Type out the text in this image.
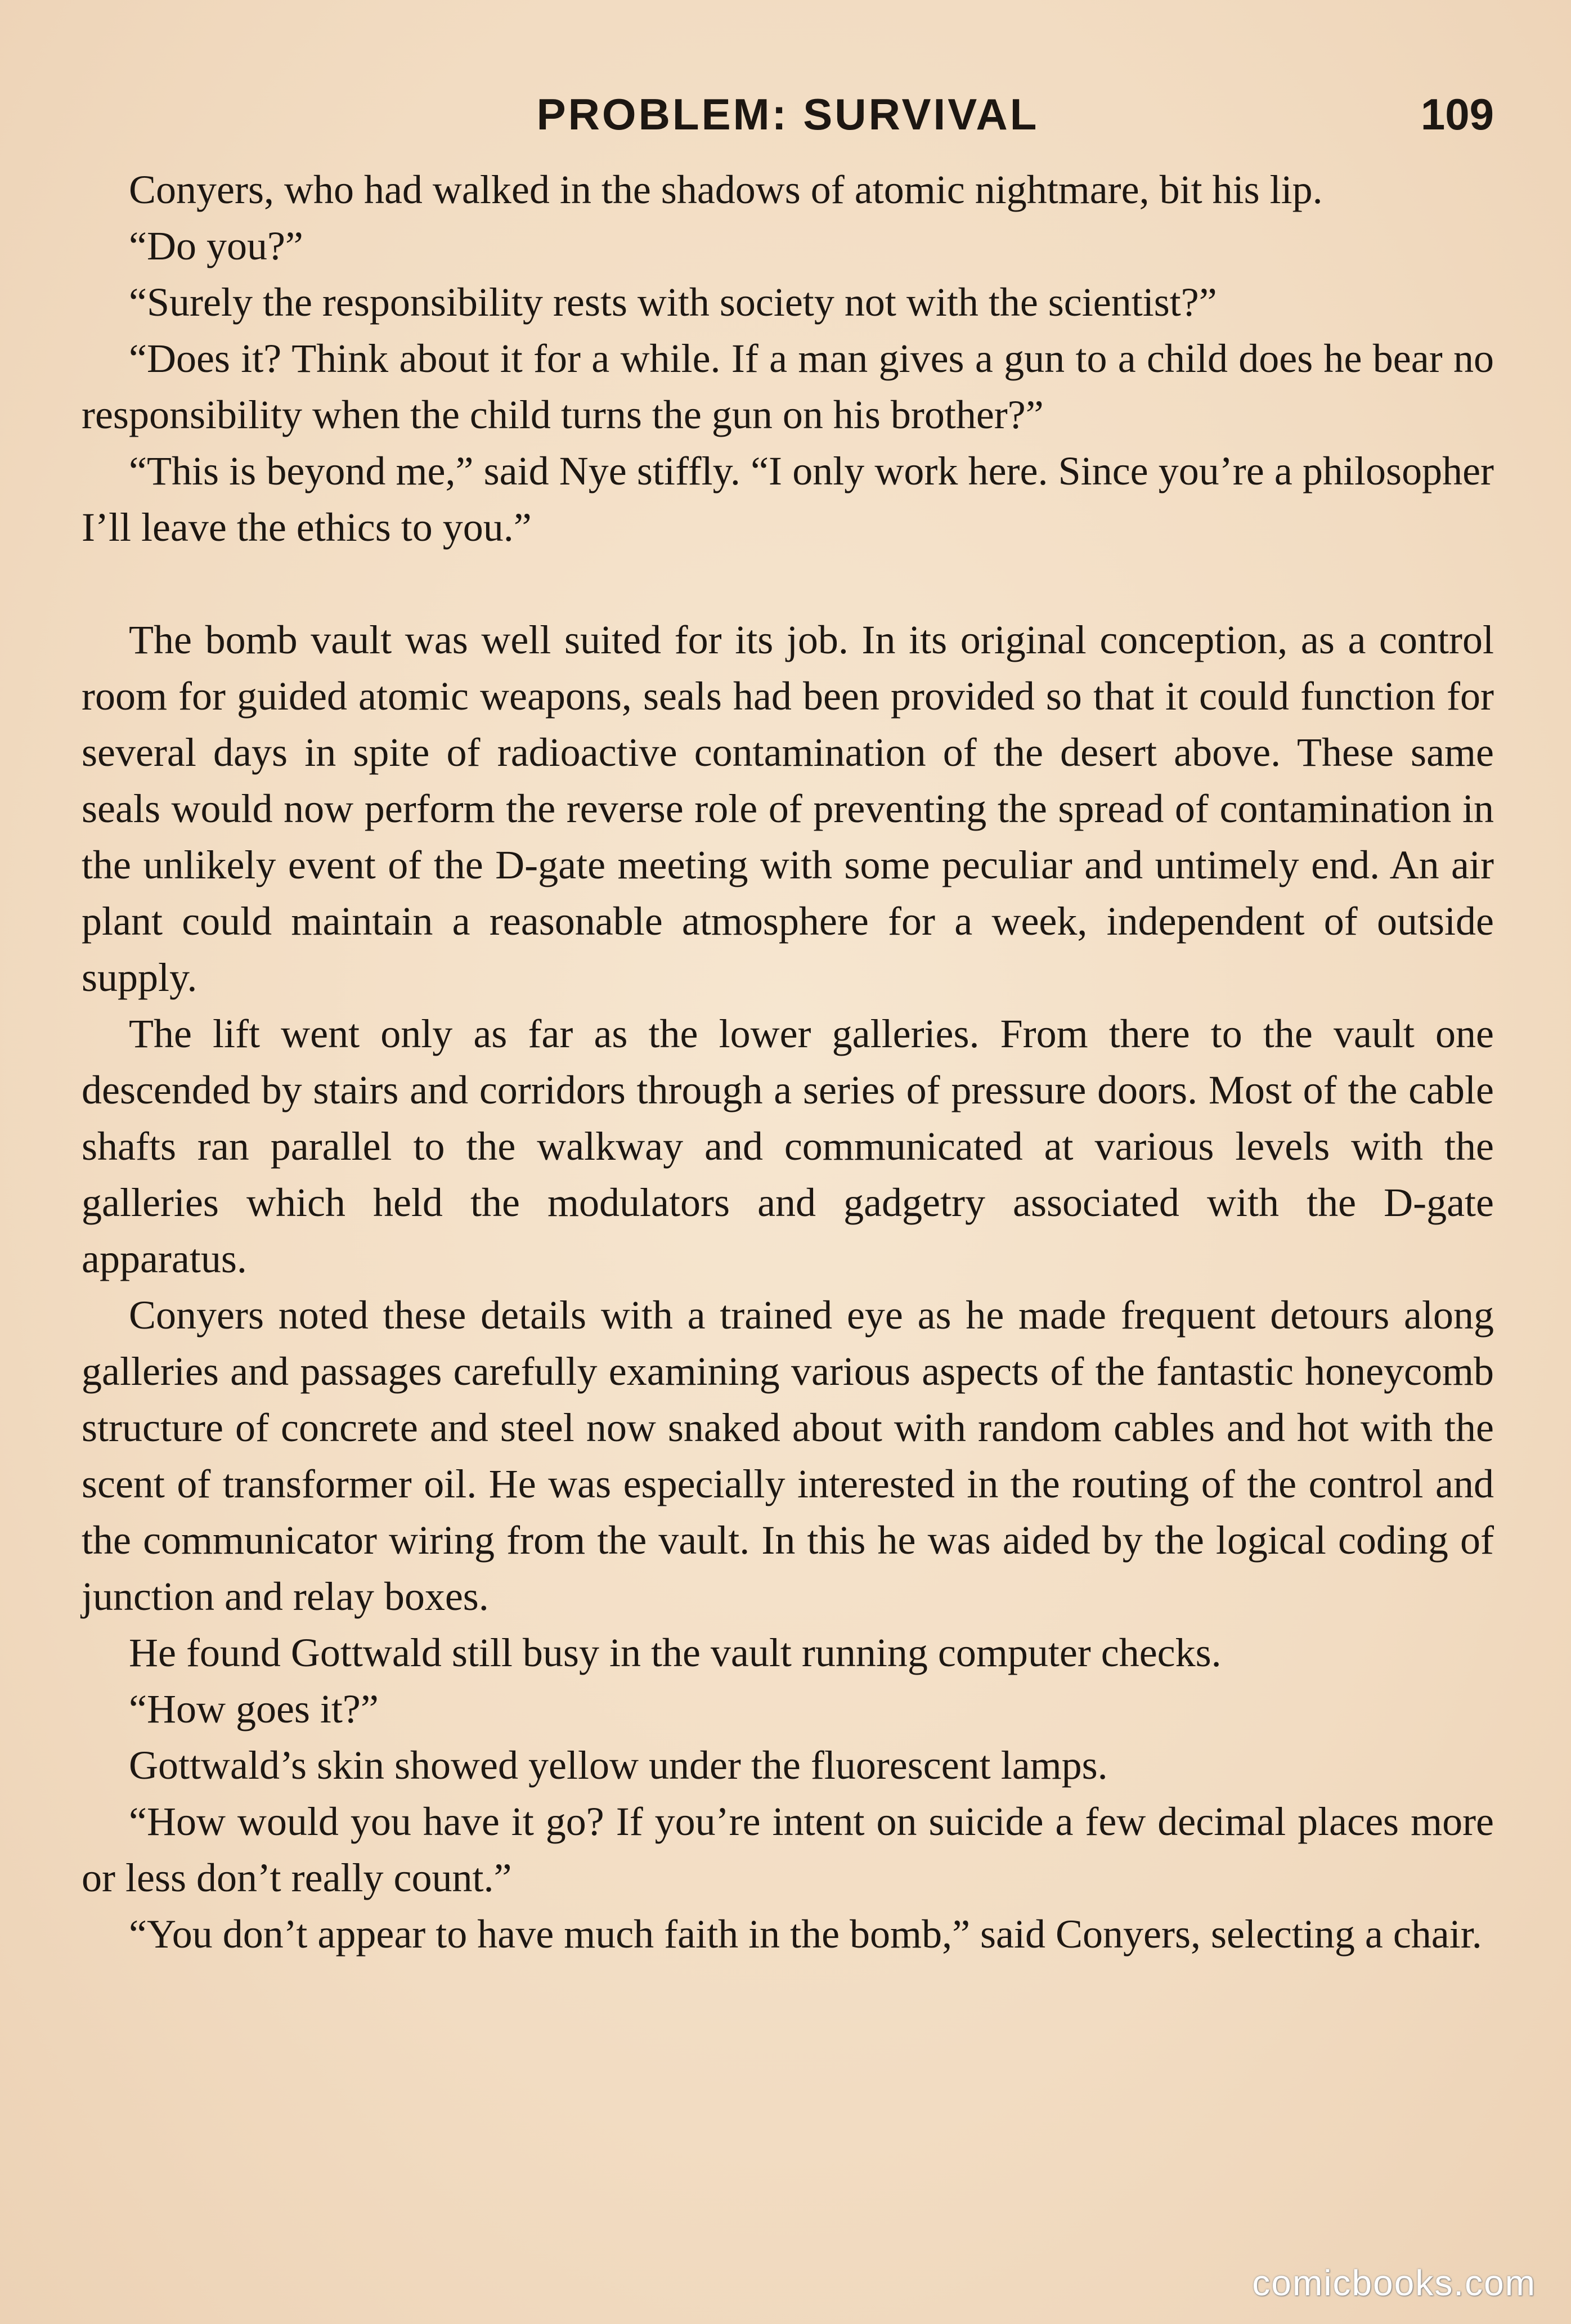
PROBLEM: SURVIVAL	109

Conyers, who had walked in the shadows of atomic nightmare, bit his lip.

“Do you?”

“Surely the responsibility rests with society not with the scientist?”

“Does it? Think about it for a while. If a man gives a gun to a child does he bear no responsibility when the child turns the gun on his brother?”

“This is beyond me,” said Nye stiffly. “I only work here. Since you’re a philosopher I’ll leave the ethics to you.”

The bomb vault was well suited for its job. In its original conception, as a control room for guided atomic weapons, seals had been provided so that it could function for several days in spite of radioactive contamination of the desert above. These same seals would now perform the reverse role of preventing the spread of contamination in the unlikely event of the D-gate meeting with some peculiar and untimely end. An air plant could maintain a reasonable atmosphere for a week, independent of outside supply.

The lift went only as far as the lower galleries. From there to the vault one descended by stairs and corridors through a series of pressure doors. Most of the cable shafts ran parallel to the walkway and communicated at various levels with the galleries which held the modulators and gadgetry associated with the D-gate apparatus.

Conyers noted these details with a trained eye as he made frequent detours along galleries and passages carefully examining various aspects of the fantastic honeycomb structure of concrete and steel now snaked about with random cables and hot with the scent of transformer oil. He was especially interested in the routing of the control and the communicator wiring from the vault. In this he was aided by the logical coding of junction and relay boxes.

He found Gottwald still busy in the vault running computer checks.

“How goes it?”

Gottwald’s skin showed yellow under the fluorescent lamps.

“How would you have it go? If you’re intent on suicide a few decimal places more or less don’t really count.”

“You don’t appear to have much faith in the bomb,” said Conyers, selecting a chair.

comicbooks.com
